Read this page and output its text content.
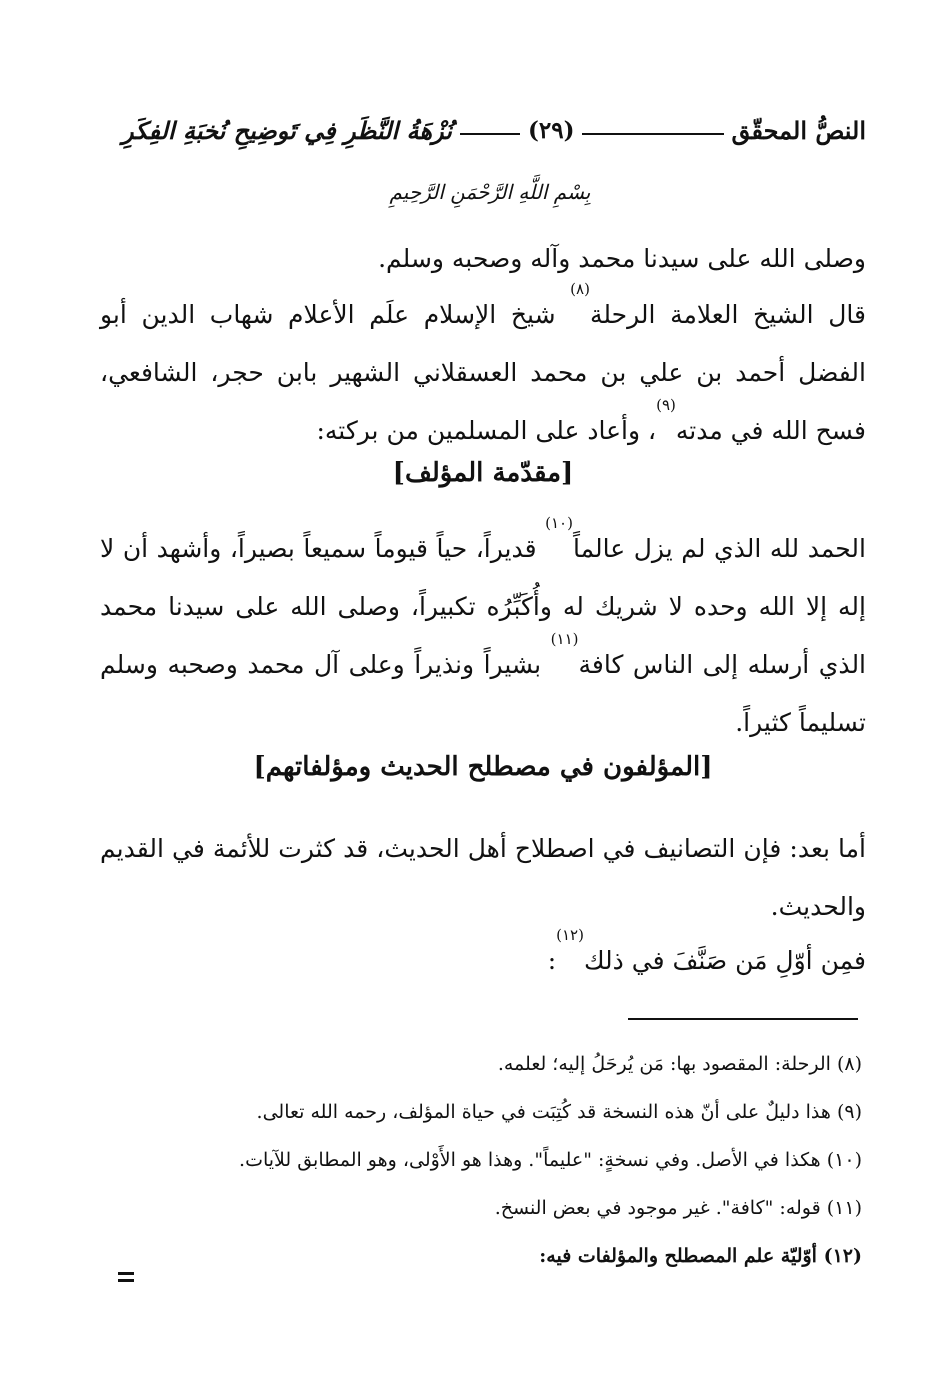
النصُّ المحقّق
(٢٩)
نُزْهَةُ النَّظَرِ فِي تَوضِيحِ نُخبَةِ الفِكَرِ
بِسْمِ اللَّهِ الرَّحْمَنِ الرَّحِيمِ
وصلى الله على سيدنا محمد وآله وصحبه وسلم.
قال الشيخ العلامة الرحلة$^{(٨)}$ شيخ الإسلام علَم الأعلام شهاب الدين أبو الفضل أحمد بن علي بن محمد العسقلاني الشهير بابن حجر، الشافعي، فسح الله في مدته$^{(٩)}$، وأعاد على المسلمين من بركته:
[مقدّمة المؤلف]
الحمد لله الذي لم يزل عالماً$^{(١٠)}$ قديراً، حياً قيوماً سميعاً بصيراً، وأشهد أن لا إله إلا الله وحده لا شريك له وأُكَبِّرُه تكبيراً، وصلى الله على سيدنا محمد الذي أرسله إلى الناس كافة$^{(١١)}$ بشيراً ونذيراً وعلى آل محمد وصحبه وسلم تسليماً كثيراً.
[المؤلفون في مصطلح الحديث ومؤلفاتهم]
أما بعد: فإن التصانيف في اصطلاح أهل الحديث، قد كثرت للأئمة في القديم والحديث.
فمِن أوّلِ مَن صَنَّفَ في ذلك$^{(١٢)}$:
(٨) الرحلة: المقصود بها: مَن يُرحَلُ إليه؛ لعلمه.
(٩) هذا دليلٌ على أنّ هذه النسخة قد كُتِبَت في حياة المؤلف، رحمه الله تعالى.
(١٠) هكذا في الأصل. وفي نسخةٍ: "عليماً". وهذا هو الأَوْلى، وهو المطابق للآيات.
(١١) قوله: "كافة". غير موجود في بعض النسخ.
(١٢) أوّليّة علم المصطلح والمؤلفات فيه:
